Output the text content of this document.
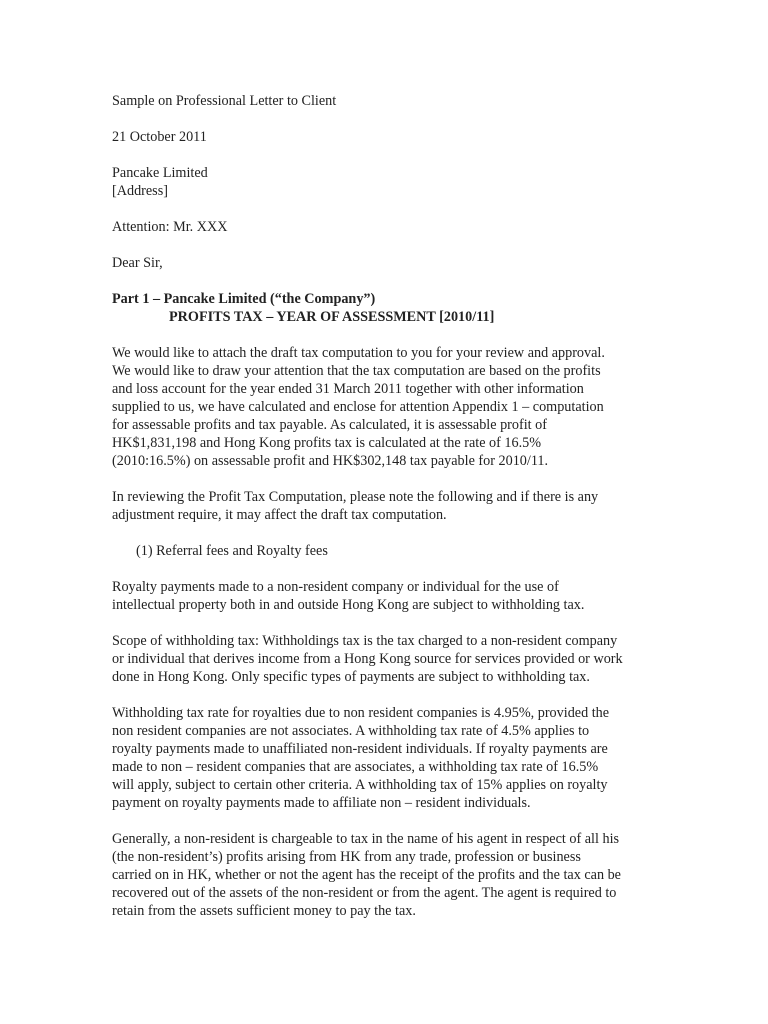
Sample on Professional Letter to Client

21 October 2011

Pancake Limited
[Address]

Attention: Mr. XXX

Dear Sir,

Part 1 – Pancake Limited (“the Company”)
PROFITS TAX – YEAR OF ASSESSMENT [2010/11]

We would like to attach the draft tax computation to you for your review and approval.
We would like to draw your attention that the tax computation are based on the profits
and loss account for the year ended 31 March 2011 together with other information
supplied to us, we have calculated and enclose for attention Appendix 1 – computation
for assessable profits and tax payable. As calculated, it is assessable profit of
HK$1,831,198 and Hong Kong profits tax is calculated at the rate of 16.5%
(2010:16.5%) on assessable profit and HK$302,148 tax payable for 2010/11.

In reviewing the Profit Tax Computation, please note the following and if there is any
adjustment require, it may affect the draft tax computation.

(1) Referral fees and Royalty fees

Royalty payments made to a non-resident company or individual for the use of
intellectual property both in and outside Hong Kong are subject to withholding tax.

Scope of withholding tax: Withholdings tax is the tax charged to a non-resident company
or individual that derives income from a Hong Kong source for services provided or work
done in Hong Kong. Only specific types of payments are subject to withholding tax.

Withholding tax rate for royalties due to non resident companies is 4.95%, provided the
non resident companies are not associates. A withholding tax rate of 4.5% applies to
royalty payments made to unaffiliated non-resident individuals. If royalty payments are
made to non – resident companies that are associates, a withholding tax rate of 16.5%
will apply, subject to certain other criteria. A withholding tax of 15% applies on royalty
payment on royalty payments made to affiliate non – resident individuals.

Generally, a non-resident is chargeable to tax in the name of his agent in respect of all his
(the non-resident’s) profits arising from HK from any trade, profession or business
carried on in HK, whether or not the agent has the receipt of the profits and the tax can be
recovered out of the assets of the non-resident or from the agent. The agent is required to
retain from the assets sufficient money to pay the tax.
